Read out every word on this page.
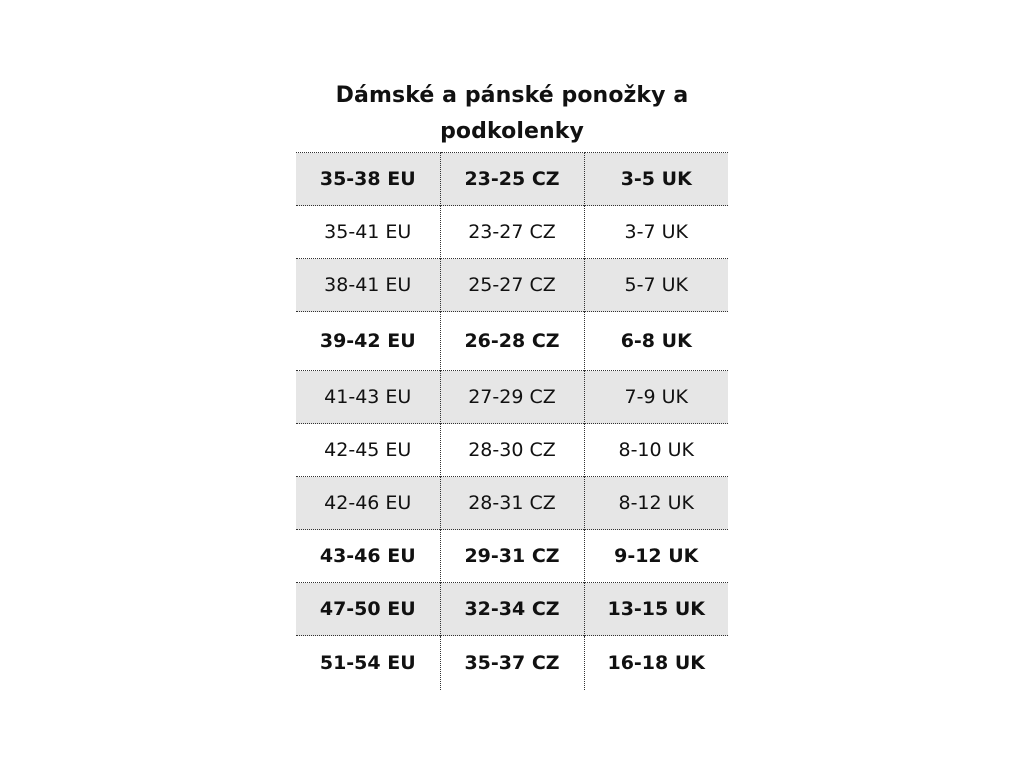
Dámské a pánské ponožky a
podkolenky
35-38 EU	23-25 CZ	3-5 UK
35-41 EU	23-27 CZ	3-7 UK
38-41 EU	25-27 CZ	5-7 UK
39-42 EU	26-28 CZ	6-8 UK
41-43 EU	27-29 CZ	7-9 UK
42-45 EU	28-30 CZ	8-10 UK
42-46 EU	28-31 CZ	8-12 UK
43-46 EU	29-31 CZ	9-12 UK
47-50 EU	32-34 CZ	13-15 UK
51-54 EU	35-37 CZ	16-18 UK
